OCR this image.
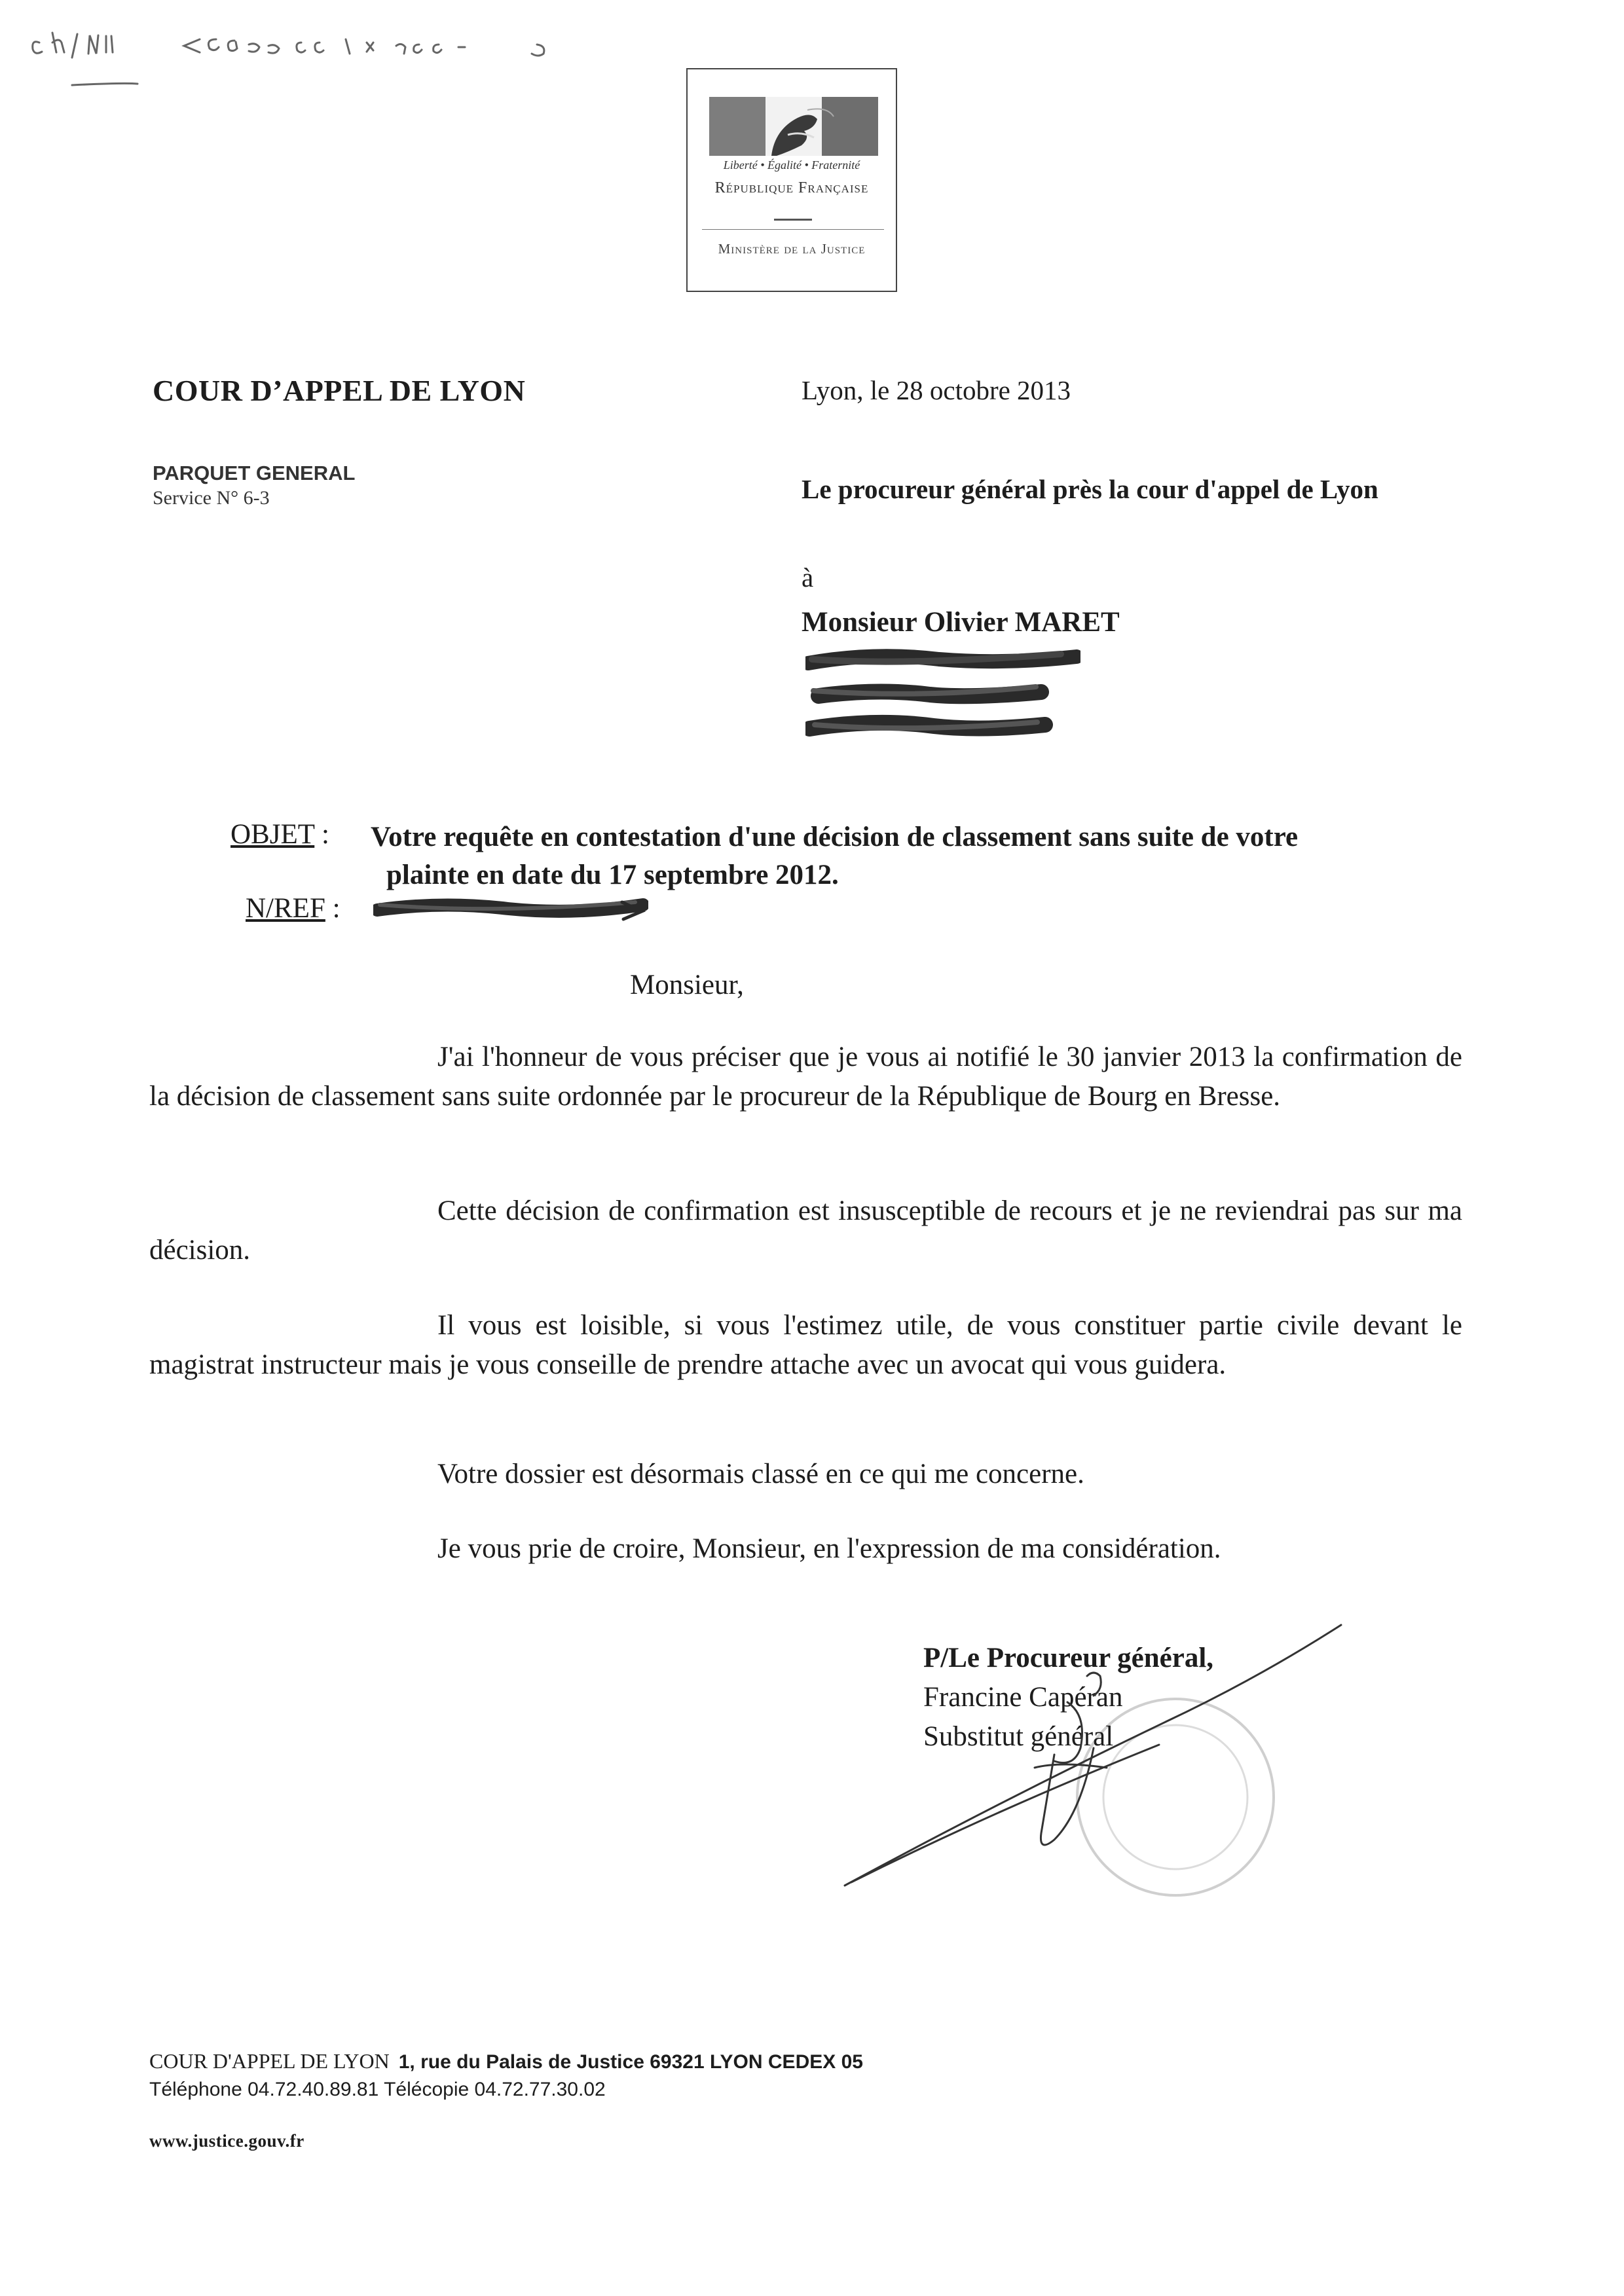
Liberté • Égalité • Fraternité
République Française
Ministère de la Justice
COUR D’APPEL DE LYON
PARQUET GENERAL
Service N° 6-3
Lyon, le 28 octobre 2013
Le procureur général près la cour d'appel de Lyon
à
Monsieur Olivier MARET
OBJET : Votre requête en contestation d'une décision de classement sans suite de votre
plainte en date du 17 septembre 2012.
N/REF :
Monsieur,
J'ai l'honneur de vous préciser que je vous ai notifié le 30 janvier 2013 la confirmation de la décision de classement sans suite ordonnée par le procureur de la République de Bourg en Bresse.
Cette décision de confirmation est insusceptible de recours et je ne reviendrai pas sur ma décision.
Il vous est loisible, si vous l'estimez utile, de vous constituer partie civile devant le magistrat instructeur mais je vous conseille de prendre attache avec un avocat qui vous guidera.
Votre dossier est désormais classé en ce qui me concerne.
Je vous prie de croire, Monsieur, en l'expression de ma considération.
P/Le Procureur général,
Francine Capéran
Substitut général
COUR D'APPEL DE LYON 1, rue du Palais de Justice 69321 LYON CEDEX 05
Téléphone 04.72.40.89.81 Télécopie 04.72.77.30.02
www.justice.gouv.fr
